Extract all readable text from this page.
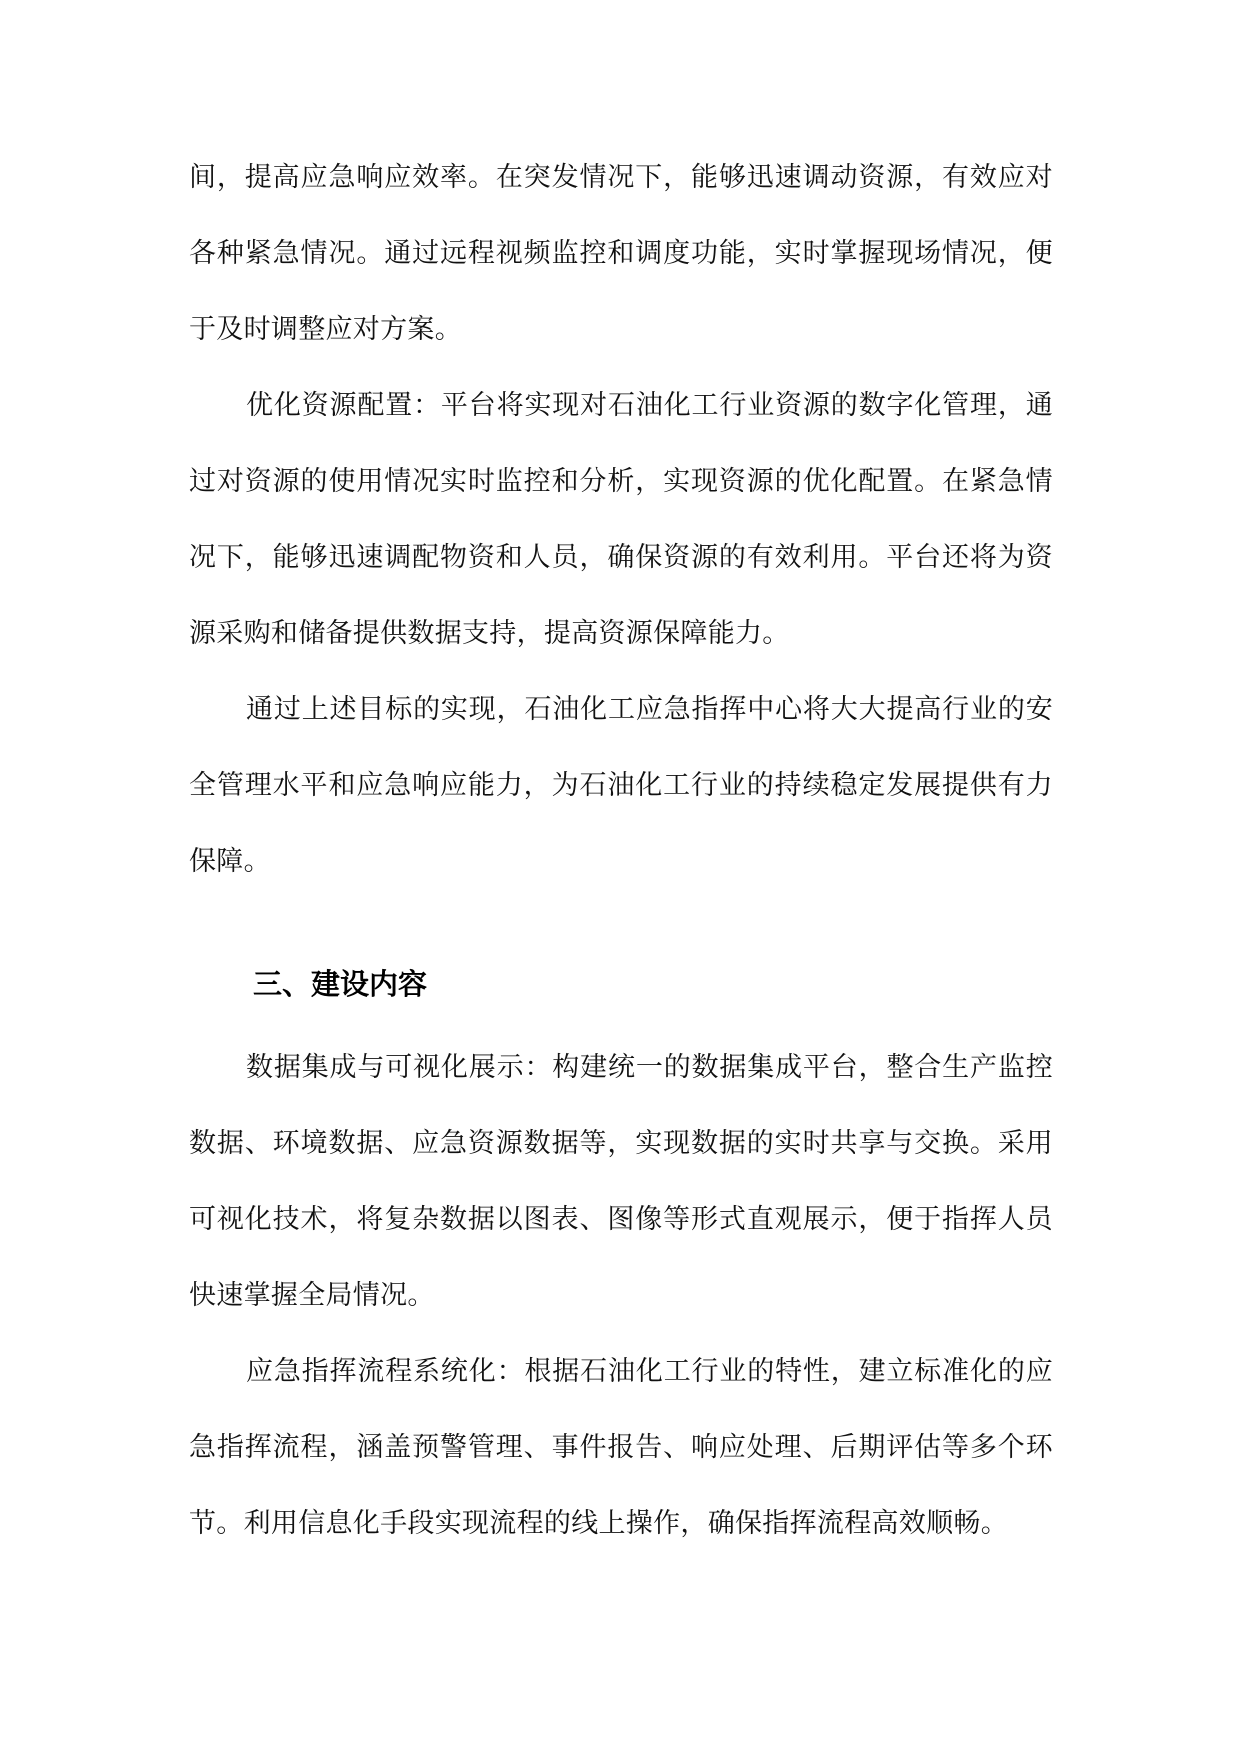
间，提高应急响应效率。在突发情况下，能够迅速调动资源，有效应对各种紧急情况。通过远程视频监控和调度功能，实时掌握现场情况，便于及时调整应对方案。

优化资源配置：平台将实现对石油化工行业资源的数字化管理，通过对资源的使用情况实时监控和分析，实现资源的优化配置。在紧急情况下，能够迅速调配物资和人员，确保资源的有效利用。平台还将为资源采购和储备提供数据支持，提高资源保障能力。

通过上述目标的实现，石油化工应急指挥中心将大大提高行业的安全管理水平和应急响应能力，为石油化工行业的持续稳定发展提供有力保障。

三、建设内容

数据集成与可视化展示：构建统一的数据集成平台，整合生产监控数据、环境数据、应急资源数据等，实现数据的实时共享与交换。采用可视化技术，将复杂数据以图表、图像等形式直观展示，便于指挥人员快速掌握全局情况。

应急指挥流程系统化：根据石油化工行业的特性，建立标准化的应急指挥流程，涵盖预警管理、事件报告、响应处理、后期评估等多个环节。利用信息化手段实现流程的线上操作，确保指挥流程高效顺畅。
